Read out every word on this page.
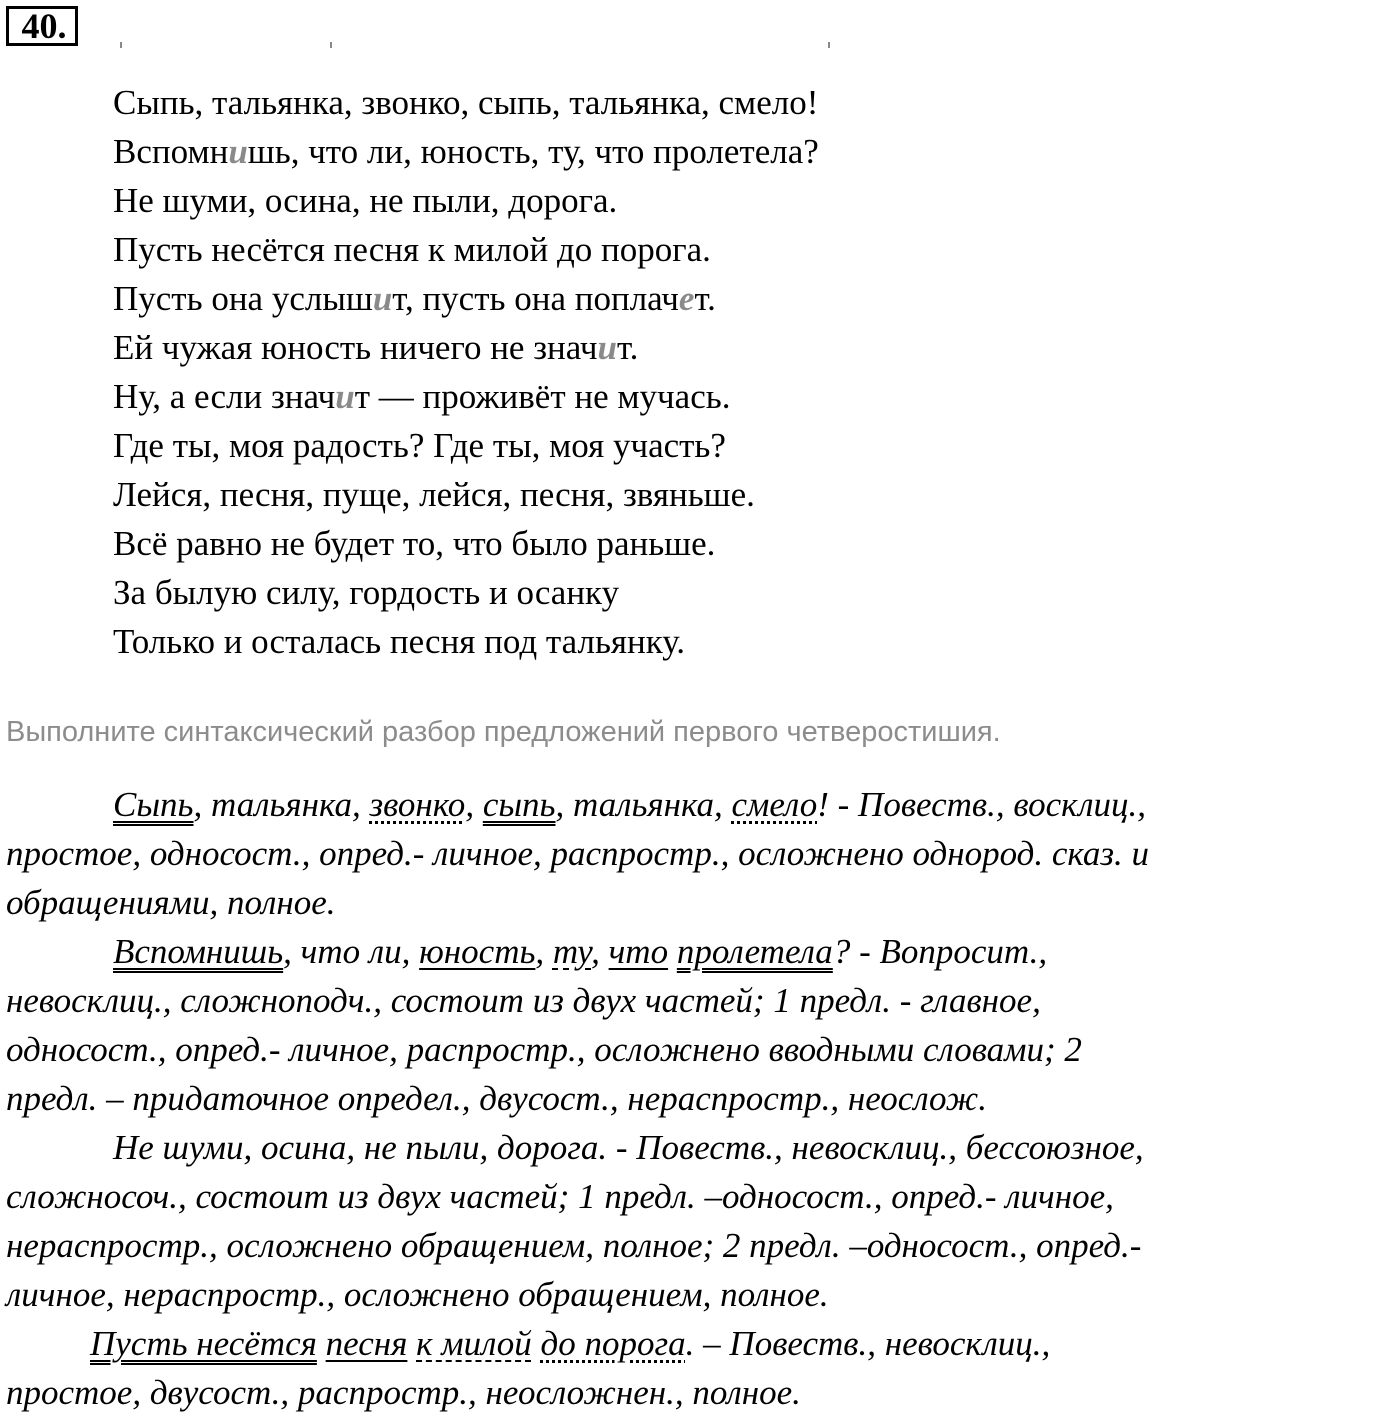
40.
Сыпь, тальянка, звонко, сыпь, тальянка, смело!
Вспомнишь, что ли, юность, ту, что пролетела?
Не шуми, осина, не пыли, дорога.
Пусть несётся песня к милой до порога.
Пусть она услышит, пусть она поплачет.
Ей чужая юность ничего не значит.
Ну, а если значит — проживёт не мучась.
Где ты, моя радость? Где ты, моя участь?
Лейся, песня, пуще, лейся, песня, звяньше.
Всё равно не будет то, что было раньше.
За былую силу, гордость и осанку
Только и осталась песня под тальянку.
Выполните синтаксический разбор предложений первого четверостишия.
Сыпь, тальянка, звонко, сыпь, тальянка, смело! - Повеств., восклиц.,
простое, односост., опред.- личное, распростр., осложнено однород. сказ. и
обращениями, полное.
Вспомнишь, что ли, юность, ту, что пролетела? - Вопросит.,
невосклиц., сложноподч., состоит из двух частей; 1 предл. - главное,
односост., опред.- личное, распростр., осложнено вводными словами; 2
предл. – придаточное определ., двусост., нераспростр., неослож.
Не шуми, осина, не пыли, дорога. - Повеств., невосклиц., бессоюзное,
сложносоч., состоит из двух частей; 1 предл. –односост., опред.- личное,
нераспростр., осложнено обращением, полное; 2 предл. –односост., опред.-
личное, нераспростр., осложнено обращением, полное.
Пусть несётся песня к милой до порога. – Повеств., невосклиц.,
простое, двусост., распростр., неосложнен., полное.
